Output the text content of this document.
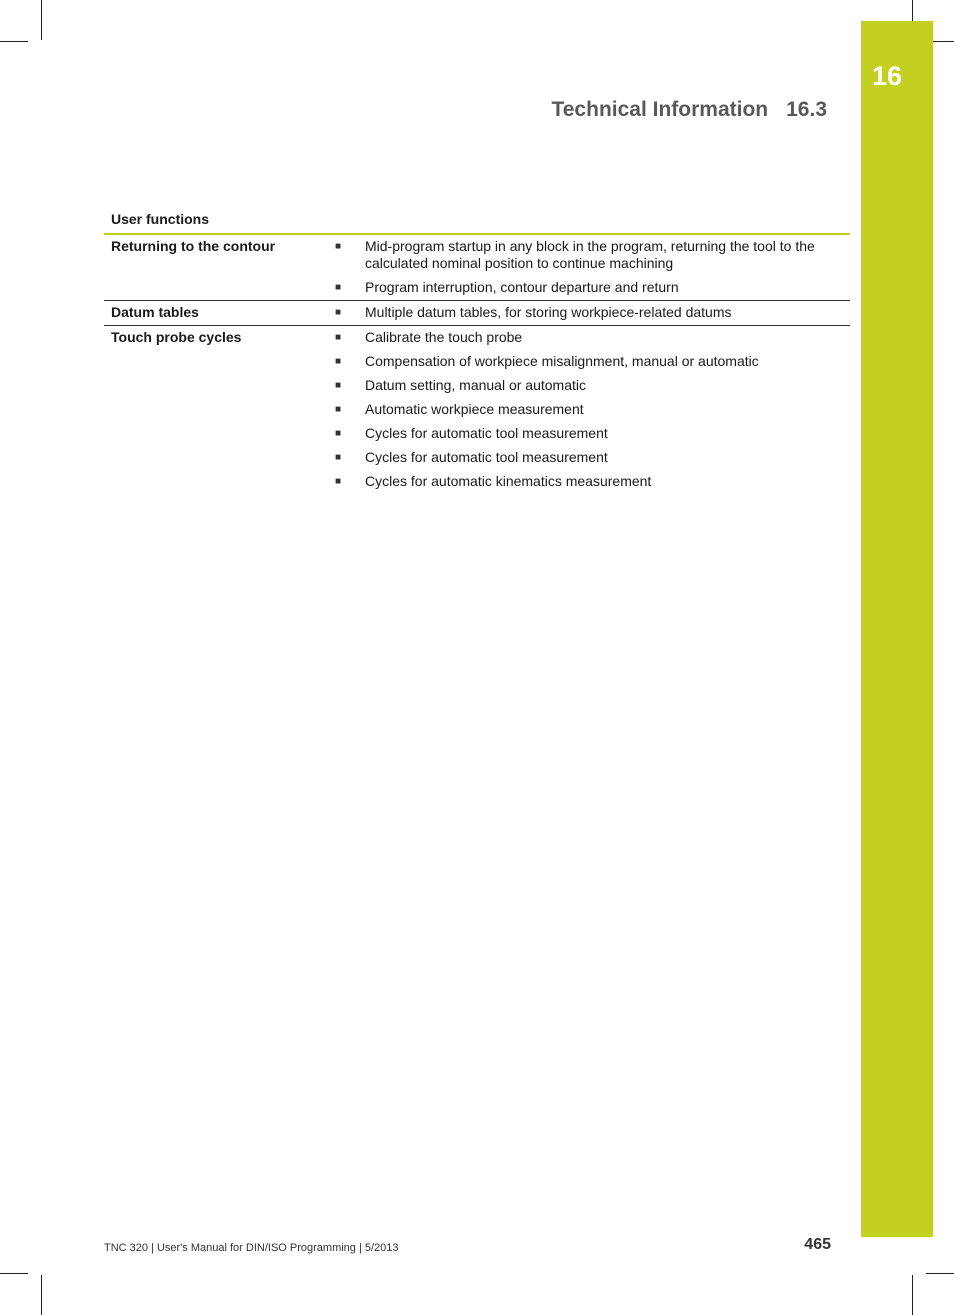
16
Technical Information 16.3
User functions
Returning to the contour	■	Mid-program startup in any block in the program, returning the tool to the calculated nominal position to continue machining
■	Program interruption, contour departure and return
Datum tables	■	Multiple datum tables, for storing workpiece-related datums
Touch probe cycles	■	Calibrate the touch probe
■	Compensation of workpiece misalignment, manual or automatic
■	Datum setting, manual or automatic
■	Automatic workpiece measurement
■	Cycles for automatic tool measurement
■	Cycles for automatic tool measurement
■	Cycles for automatic kinematics measurement
TNC 320 | User's Manual for DIN/ISO Programming | 5/2013	465
